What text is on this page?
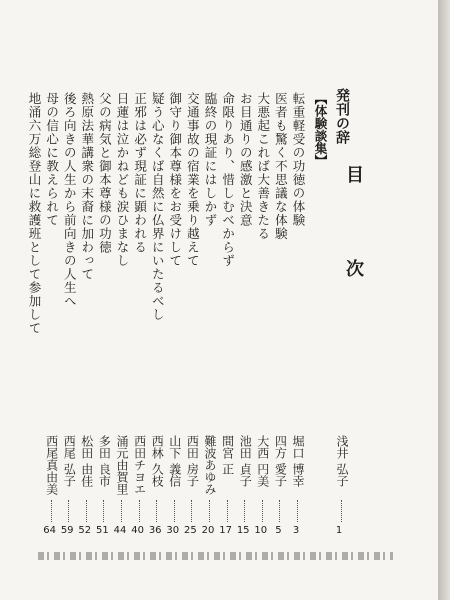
目次
発刊の辞
浅井 弘子
1
【体験談集】
転重軽受の功徳の体験
堀口 博幸
3
医者も驚く不思議な体験
四方 愛子
5
大悪起これば大善きたる
大西 円美
10
お目通りの感激と決意
池田 貞子
15
命限りあり、惜しむべからず
間宮 正
17
臨終の現証にはしかず
難波あゆみ
20
交通事故の宿業を乗り越えて
西田 房子
25
御守り御本尊様をお受けして
山下 義信
30
疑う心なくば自然に仏界にいたるべし
西林 久枝
36
正邪は必ず現証に顕われる
西田チヨエ
40
日蓮は泣かねども涙ひまなし
涌元由賀里
44
父の病気と御本尊様の功徳
多田 良市
51
熱原法華講衆の末裔に加わって
松田 由佳
52
後ろ向きの人生から前向きの人生へ
西尾 弘子
59
母の信心に教えられて
西尾真由美
64
地涌六万総登山に救護班として参加して
